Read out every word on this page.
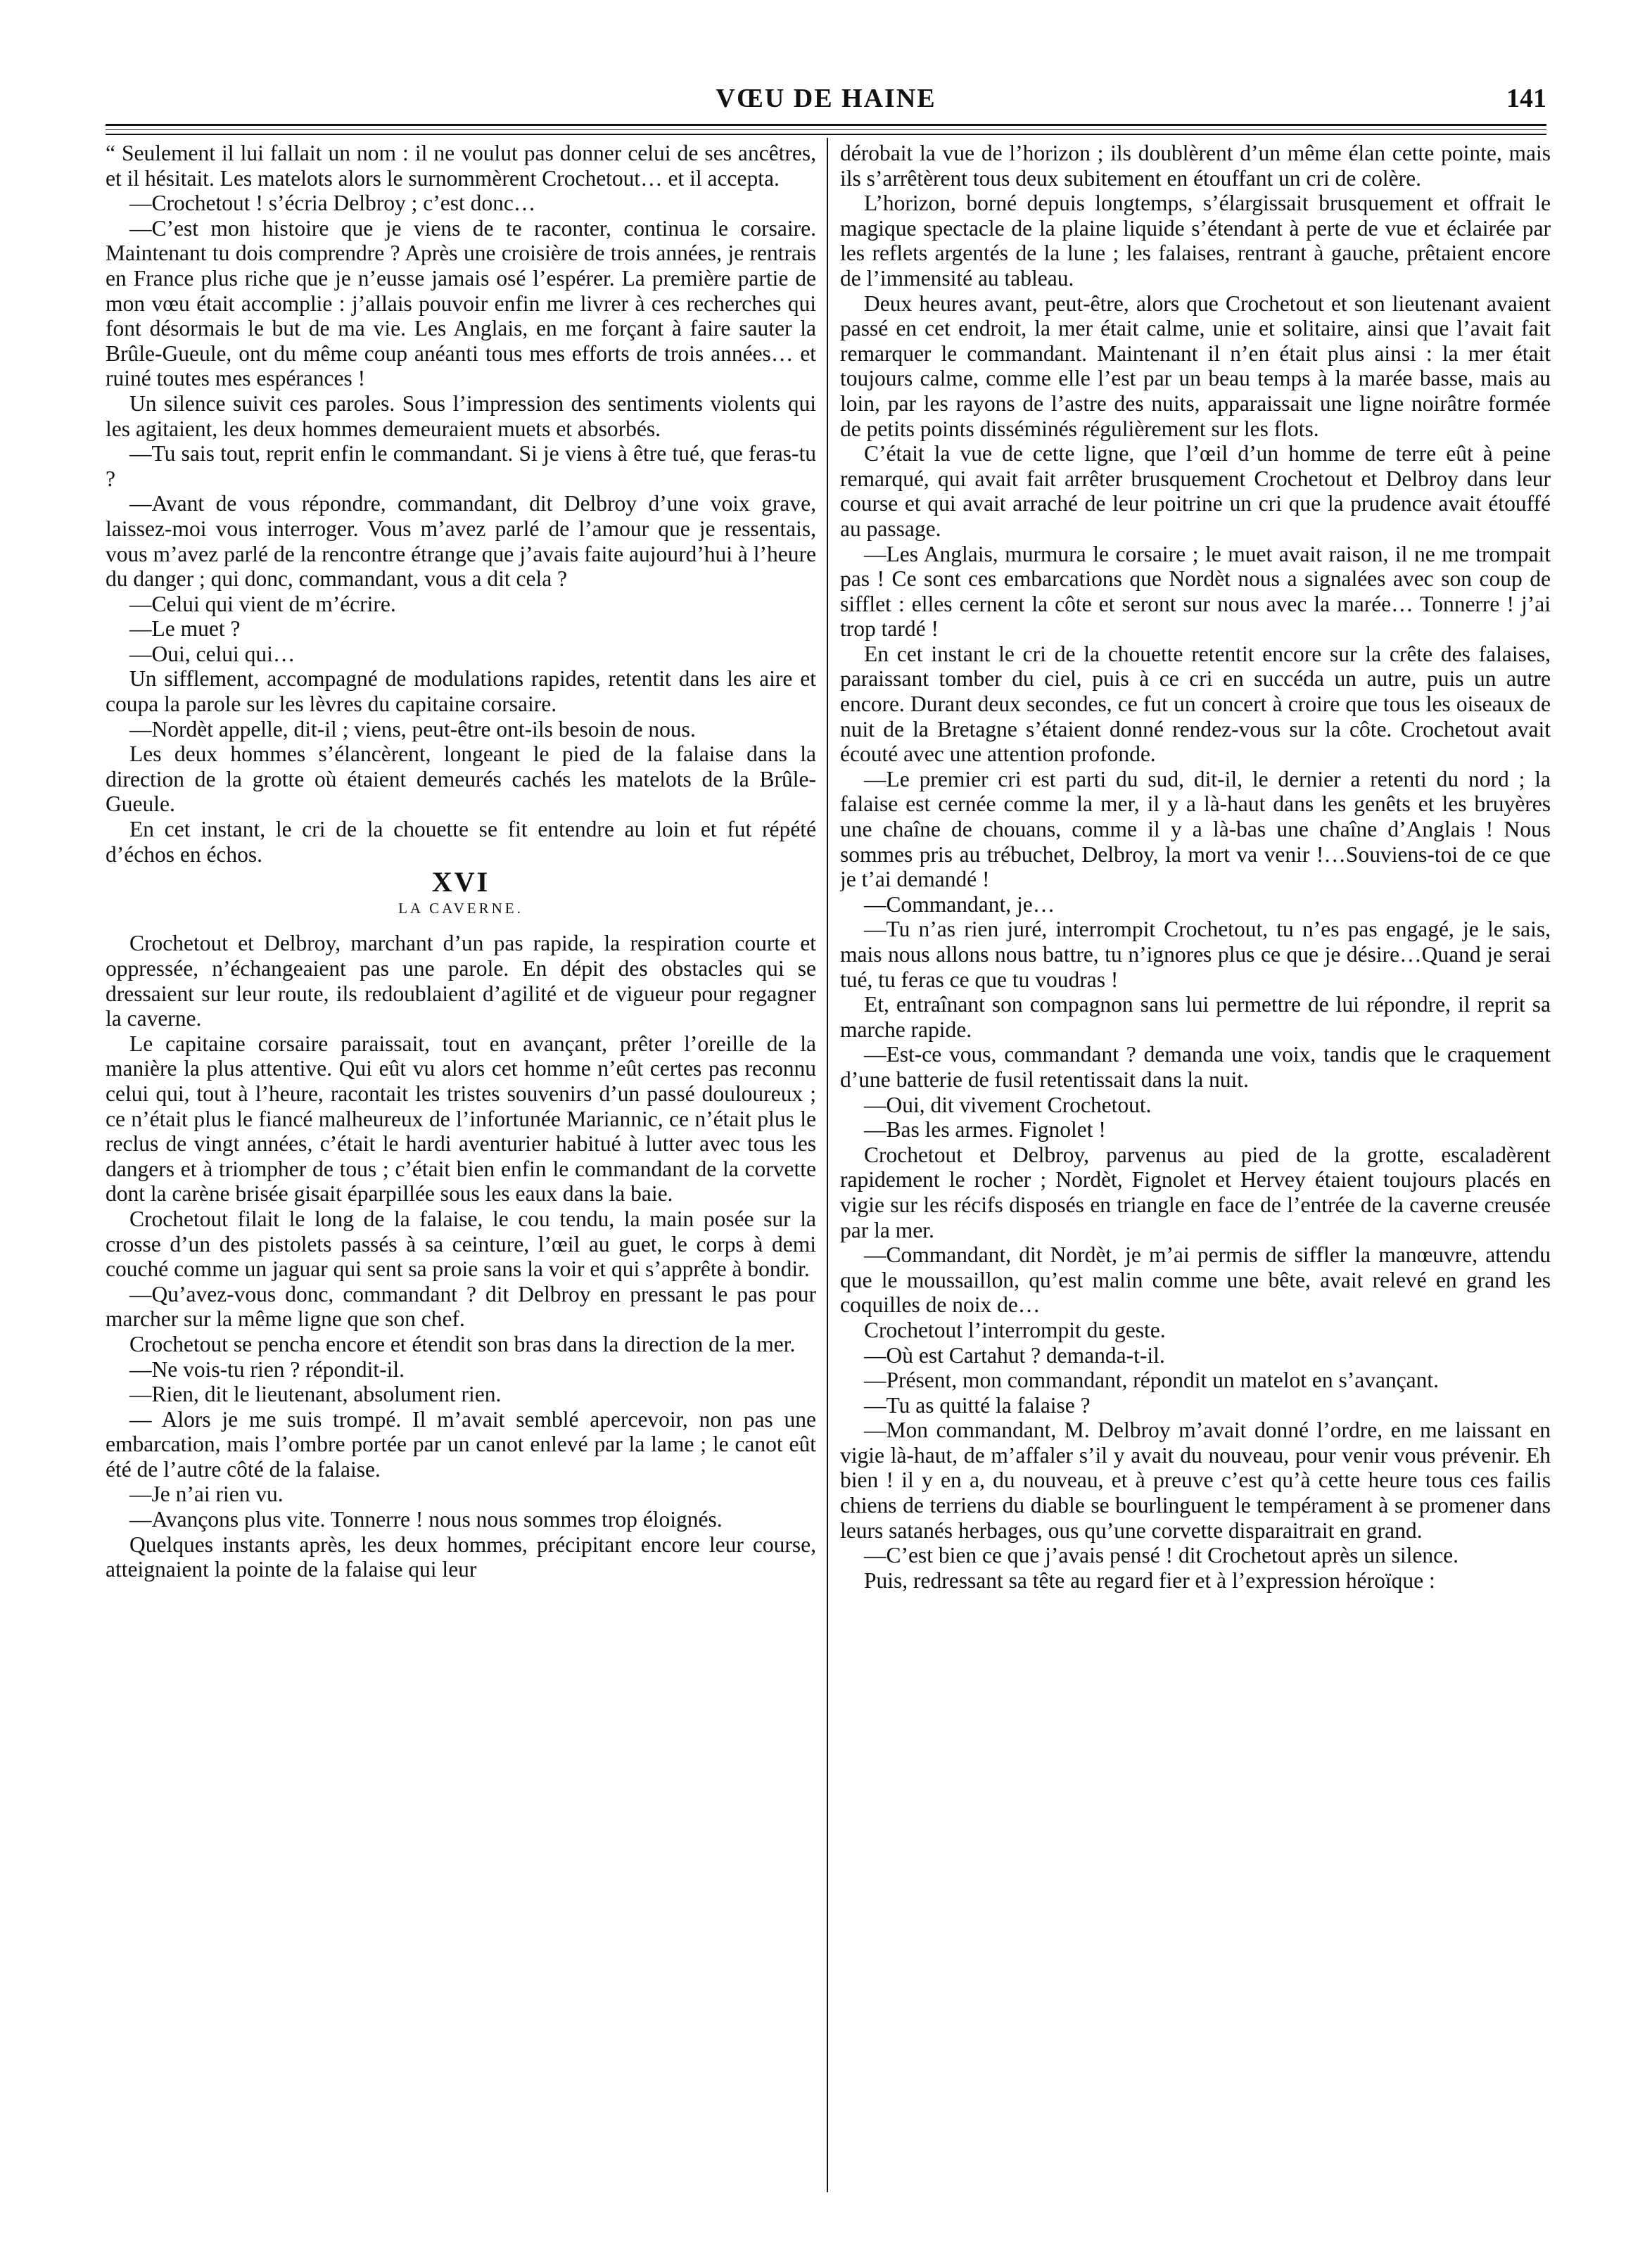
VŒU DE HAINE	141

“ Seulement il lui fallait un nom : il ne voulut pas donner celui de ses ancêtres, et il hésitait. Les matelots alors le surnommèrent Crochetout… et il accepta.

—Crochetout ! s’écria Delbroy ; c’est donc…

—C’est mon histoire que je viens de te raconter, continua le corsaire. Maintenant tu dois comprendre ? Après une croisière de trois années, je rentrais en France plus riche que je n’eusse jamais osé l’espérer. La première partie de mon vœu était accomplie : j’allais pouvoir enfin me livrer à ces recherches qui font désormais le but de ma vie. Les Anglais, en me forçant à faire sauter la Brûle-Gueule, ont du même coup anéanti tous mes efforts de trois années… et ruiné toutes mes espérances !

Un silence suivit ces paroles. Sous l’impression des sentiments violents qui les agitaient, les deux hommes demeuraient muets et absorbés.

—Tu sais tout, reprit enfin le commandant. Si je viens à être tué, que feras-tu ?

—Avant de vous répondre, commandant, dit Delbroy d’une voix grave, laissez-moi vous interroger. Vous m’avez parlé de l’amour que je ressentais, vous m’avez parlé de la rencontre étrange que j’avais faite aujourd’hui à l’heure du danger ; qui donc, commandant, vous a dit cela ?

—Celui qui vient de m’écrire.

—Le muet ?

—Oui, celui qui…

Un sifflement, accompagné de modulations rapides, retentit dans les aire et coupa la parole sur les lèvres du capitaine corsaire.

—Nordèt appelle, dit-il ; viens, peut-être ont-ils besoin de nous.

Les deux hommes s’élancèrent, longeant le pied de la falaise dans la direction de la grotte où étaient demeurés cachés les matelots de la Brûle-Gueule.

En cet instant, le cri de la chouette se fit entendre au loin et fut répété d’échos en échos.

XVI

LA CAVERNE.

Crochetout et Delbroy, marchant d’un pas rapide, la respiration courte et oppressée, n’échangeaient pas une parole. En dépit des obstacles qui se dressaient sur leur route, ils redoublaient d’agilité et de vigueur pour regagner la caverne.

Le capitaine corsaire paraissait, tout en avançant, prêter l’oreille de la manière la plus attentive. Qui eût vu alors cet homme n’eût certes pas reconnu celui qui, tout à l’heure, racontait les tristes souvenirs d’un passé douloureux ; ce n’était plus le fiancé malheureux de l’infortunée Mariannic, ce n’était plus le reclus de vingt années, c’était le hardi aventurier habitué à lutter avec tous les dangers et à triompher de tous ; c’était bien enfin le commandant de la corvette dont la carène brisée gisait éparpillée sous les eaux dans la baie.

Crochetout filait le long de la falaise, le cou tendu, la main posée sur la crosse d’un des pistolets passés à sa ceinture, l’œil au guet, le corps à demi couché comme un jaguar qui sent sa proie sans la voir et qui s’apprête à bondir.

—Qu’avez-vous donc, commandant ? dit Delbroy en pressant le pas pour marcher sur la même ligne que son chef.

Crochetout se pencha encore et étendit son bras dans la direction de la mer.

—Ne vois-tu rien ? répondit-il.

—Rien, dit le lieutenant, absolument rien.

— Alors je me suis trompé. Il m’avait semblé apercevoir, non pas une embarcation, mais l’ombre portée par un canot enlevé par la lame ; le canot eût été de l’autre côté de la falaise.

—Je n’ai rien vu.

—Avançons plus vite. Tonnerre ! nous nous sommes trop éloignés.

Quelques instants après, les deux hommes, précipitant encore leur course, atteignaient la pointe de la falaise qui leur

dérobait la vue de l’horizon ; ils doublèrent d’un même élan cette pointe, mais ils s’arrêtèrent tous deux subitement en étouffant un cri de colère.

L’horizon, borné depuis longtemps, s’élargissait brusquement et offrait le magique spectacle de la plaine liquide s’étendant à perte de vue et éclairée par les reflets argentés de la lune ; les falaises, rentrant à gauche, prêtaient encore de l’immensité au tableau.

Deux heures avant, peut-être, alors que Crochetout et son lieutenant avaient passé en cet endroit, la mer était calme, unie et solitaire, ainsi que l’avait fait remarquer le commandant. Maintenant il n’en était plus ainsi : la mer était toujours calme, comme elle l’est par un beau temps à la marée basse, mais au loin, par les rayons de l’astre des nuits, apparaissait une ligne noirâtre formée de petits points disséminés régulièrement sur les flots.

C’était la vue de cette ligne, que l’œil d’un homme de terre eût à peine remarqué, qui avait fait arrêter brusquement Crochetout et Delbroy dans leur course et qui avait arraché de leur poitrine un cri que la prudence avait étouffé au passage.

—Les Anglais, murmura le corsaire ; le muet avait raison, il ne me trompait pas ! Ce sont ces embarcations que Nordèt nous a signalées avec son coup de sifflet : elles cernent la côte et seront sur nous avec la marée… Tonnerre ! j’ai trop tardé !

En cet instant le cri de la chouette retentit encore sur la crête des falaises, paraissant tomber du ciel, puis à ce cri en succéda un autre, puis un autre encore. Durant deux secondes, ce fut un concert à croire que tous les oiseaux de nuit de la Bretagne s’étaient donné rendez-vous sur la côte. Crochetout avait écouté avec une attention profonde.

—Le premier cri est parti du sud, dit-il, le dernier a retenti du nord ; la falaise est cernée comme la mer, il y a là-haut dans les genêts et les bruyères une chaîne de chouans, comme il y a là-bas une chaîne d’Anglais ! Nous sommes pris au trébuchet, Delbroy, la mort va venir !…Souviens-toi de ce que je t’ai demandé !

—Commandant, je…

—Tu n’as rien juré, interrompit Crochetout, tu n’es pas engagé, je le sais, mais nous allons nous battre, tu n’ignores plus ce que je désire…Quand je serai tué, tu feras ce que tu voudras !

Et, entraînant son compagnon sans lui permettre de lui répondre, il reprit sa marche rapide.

—Est-ce vous, commandant ? demanda une voix, tandis que le craquement d’une batterie de fusil retentissait dans la nuit.

—Oui, dit vivement Crochetout.

—Bas les armes. Fignolet !

Crochetout et Delbroy, parvenus au pied de la grotte, escaladèrent rapidement le rocher ; Nordèt, Fignolet et Hervey étaient toujours placés en vigie sur les récifs disposés en triangle en face de l’entrée de la caverne creusée par la mer.

—Commandant, dit Nordèt, je m’ai permis de siffler la manœuvre, attendu que le moussaillon, qu’est malin comme une bête, avait relevé en grand les coquilles de noix de…

Crochetout l’interrompit du geste.

—Où est Cartahut ? demanda-t-il.

—Présent, mon commandant, répondit un matelot en s’avançant.

—Tu as quitté la falaise ?

—Mon commandant, M. Delbroy m’avait donné l’ordre, en me laissant en vigie là-haut, de m’affaler s’il y avait du nouveau, pour venir vous prévenir. Eh bien ! il y en a, du nouveau, et à preuve c’est qu’à cette heure tous ces failis chiens de terriens du diable se bourlinguent le tempérament à se promener dans leurs satanés herbages, ous qu’une corvette disparaitrait en grand.

—C’est bien ce que j’avais pensé ! dit Crochetout après un silence.

Puis, redressant sa tête au regard fier et à l’expression héroïque :
